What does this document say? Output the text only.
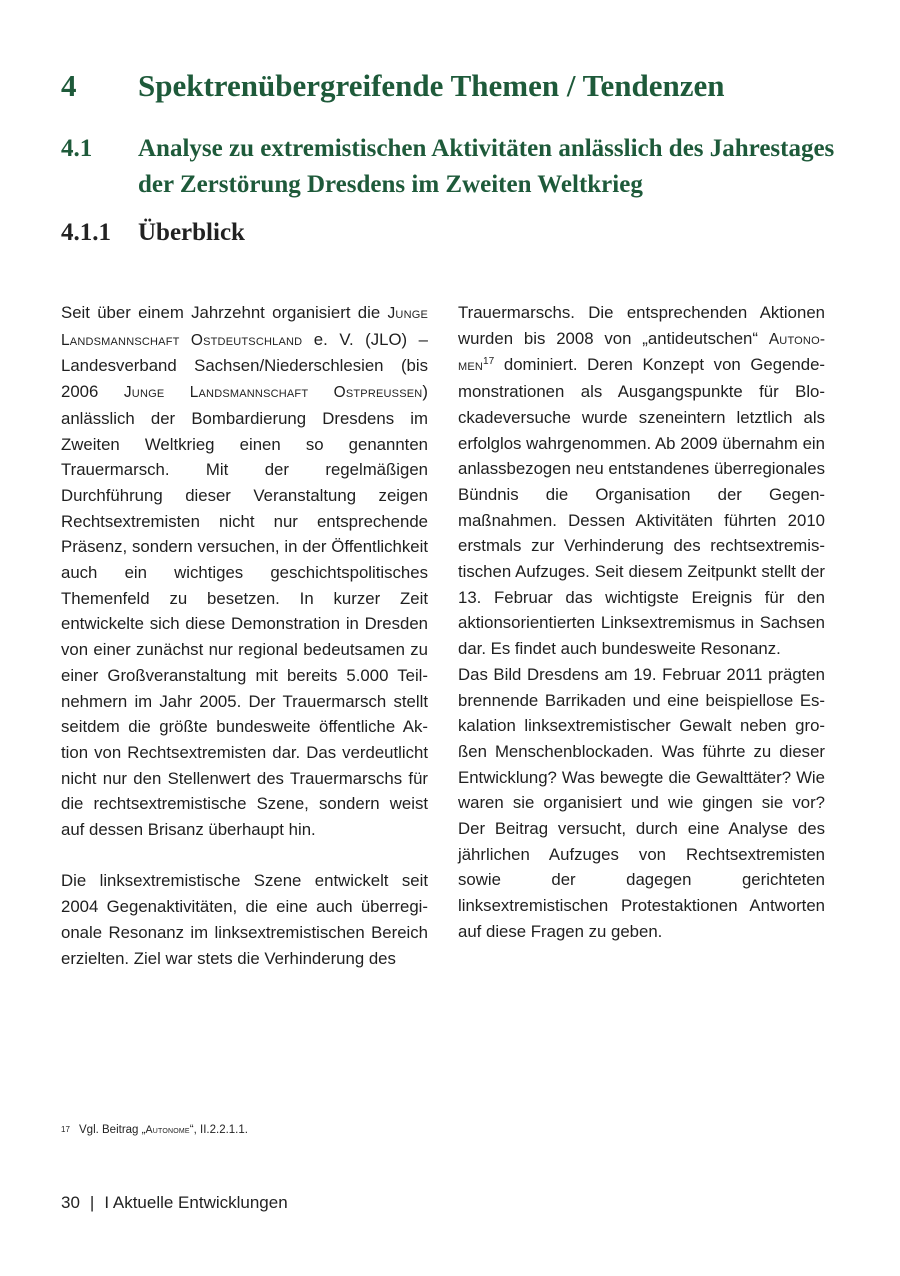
4	Spektrenübergreifende Themen / Tendenzen
4.1	Analyse zu extremistischen Aktivitäten anlässlich des Jahrestages der Zerstörung Dresdens im Zweiten Weltkrieg
4.1.1	Überblick

Seit über einem Jahrzehnt organisiert die Junge Landsmannschaft Ostdeutschland e. V. (JLO) – Landesverband Sachsen/Niederschlesien (bis 2006 Junge Landsmannschaft Ostpreussen) anlässlich der Bombardierung Dresdens im Zweiten Weltkrieg einen so genannten Trauermarsch. Mit der regelmäßigen Durchführung dieser Veranstaltung zeigen Rechtsextremisten nicht nur entsprechende Präsenz, sondern versuchen, in der Öffentlichkeit auch ein wichtiges geschichtspolitisches Themenfeld zu besetzen. In kurzer Zeit entwickelte sich diese Demonstration in Dresden von einer zunächst nur regional bedeutsamen zu einer Großveranstaltung mit bereits 5.000 Teilnehmern im Jahr 2005. Der Trauermarsch stellt seitdem die größte bundesweite öffentliche Aktion von Rechtsextremisten dar. Das verdeutlicht nicht nur den Stellenwert des Trauermarschs für die rechtsextremistische Szene, sondern weist auf dessen Brisanz überhaupt hin.

Die linksextremistische Szene entwickelt seit 2004 Gegenaktivitäten, die eine auch überregionale Resonanz im linksextremistischen Bereich erzielten. Ziel war stets die Verhinderung des

Trauermarschs. Die entsprechenden Aktionen wurden bis 2008 von „antideutschen“ Autonomen$^{17}$ dominiert. Deren Konzept von Gegendemonstrationen als Ausgangspunkte für Blockadeversuche wurde szeneintern letztlich als erfolglos wahrgenommen. Ab 2009 übernahm ein anlassbezogen neu entstandenes überregionales Bündnis die Organisation der Gegenmaßnahmen. Dessen Aktivitäten führten 2010 erstmals zur Verhinderung des rechtsextremistischen Aufzuges. Seit diesem Zeitpunkt stellt der 13. Februar das wichtigste Ereignis für den aktionsorientierten Linksextremismus in Sachsen dar. Es findet auch bundesweite Resonanz.

Das Bild Dresdens am 19. Februar 2011 prägten brennende Barrikaden und eine beispiellose Eskalation linksextremistischer Gewalt neben großen Menschenblockaden. Was führte zu dieser Entwicklung? Was bewegte die Gewalttäter? Wie waren sie organisiert und wie gingen sie vor? Der Beitrag versucht, durch eine Analyse des jährlichen Aufzuges von Rechtsextremisten sowie der dagegen gerichteten linksextremistischen Protestaktionen Antworten auf diese Fragen zu geben.

17 Vgl. Beitrag „Autonome“, II.2.2.1.1.
30 | I Aktuelle Entwicklungen
